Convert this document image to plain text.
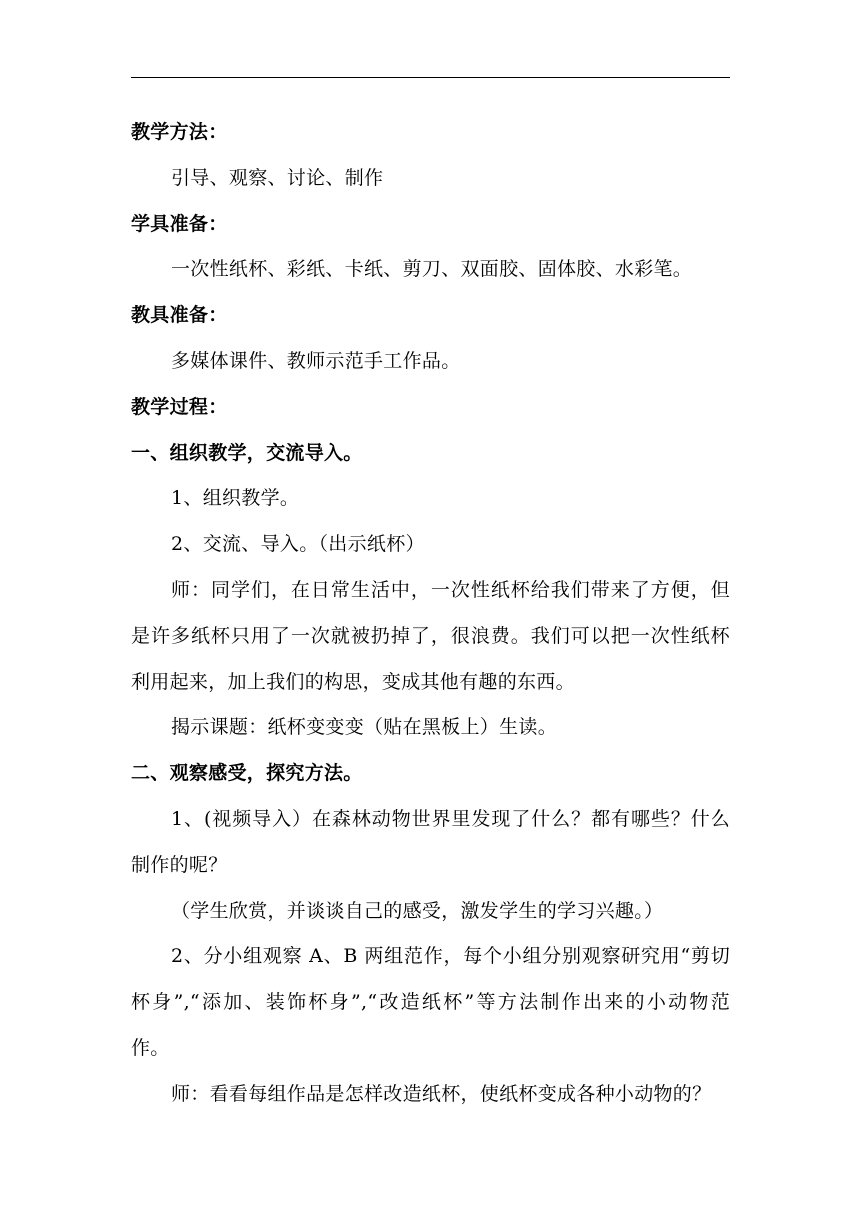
教学方法：
引导、观察、讨论、制作
学具准备：
一次性纸杯、彩纸、卡纸、剪刀、双面胶、固体胶、水彩笔。
教具准备：
多媒体课件、教师示范手工作品。
教学过程：
一、组织教学，交流导入。
1、组织教学。
2、交流、导入。（出示纸杯）
师：同学们，在日常生活中，一次性纸杯给我们带来了方便，但
是许多纸杯只用了一次就被扔掉了，很浪费。我们可以把一次性纸杯
利用起来，加上我们的构思，变成其他有趣的东西。
揭示课题：纸杯变变变（贴在黑板上）生读。
二、观察感受，探究方法。
1、(视频导入）在森林动物世界里发现了什么？都有哪些？什么
制作的呢？
（学生欣赏，并谈谈自己的感受，激发学生的学习兴趣。）
2、分小组观察 A、B 两组范作，每个小组分别观察研究用“剪切
杯身”,“添加、装饰杯身”,“改造纸杯”等方法制作出来的小动物范
作。
师：看看每组作品是怎样改造纸杯，使纸杯变成各种小动物的？
